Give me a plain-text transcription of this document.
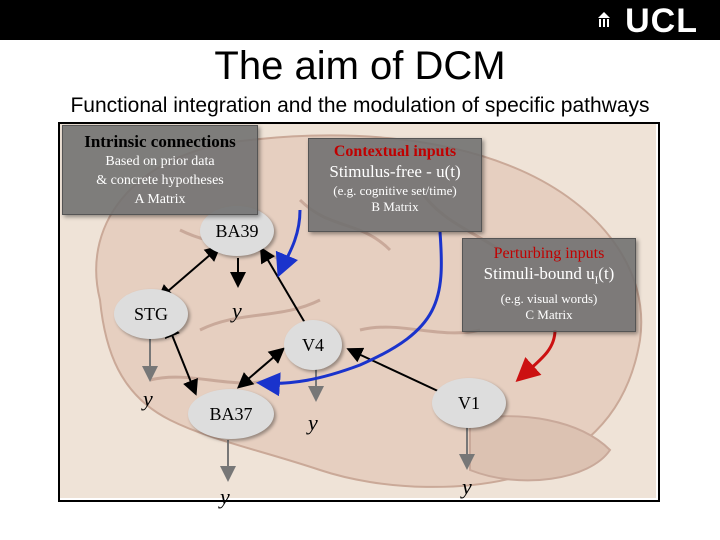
UCL
The aim of DCM
Functional integration and the modulation of specific pathways
BA39
STG
V4
BA37
V1
y
y
y
y
y
Intrinsic connections
Based on prior data
& concrete hypotheses
A Matrix
Contextual inputs
Stimulus-free - u(t)
(e.g. cognitive set/time)
B Matrix
Perturbing inputs
Stimuli-bound $u_I(t)$
(e.g. visual words)
C Matrix
